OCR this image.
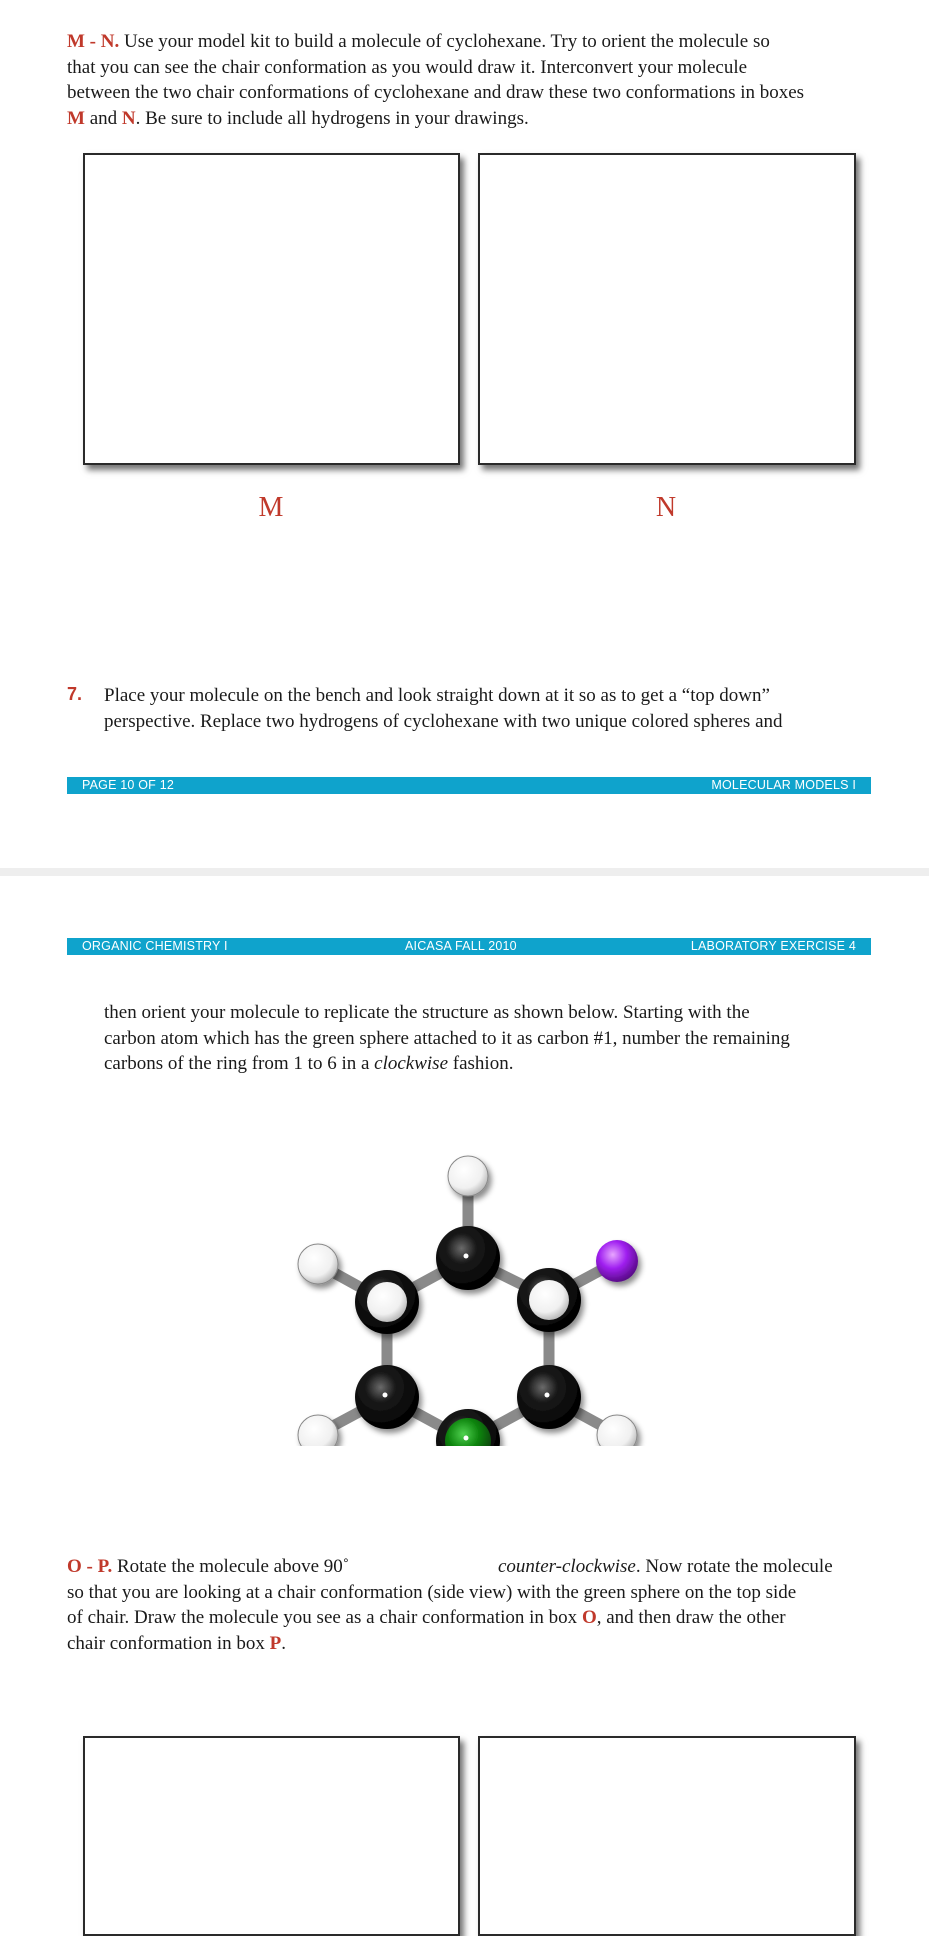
M - N. Use your model kit to build a molecule of cyclohexane. Try to orient the molecule so
that you can see the chair conformation as you would draw it. Interconvert your molecule
between the two chair conformations of cyclohexane and draw these two conformations in boxes
M and N. Be sure to include all hydrogens in your drawings.
M	N
7. Place your molecule on the bench and look straight down at it so as to get a “top down”
perspective. Replace two hydrogens of cyclohexane with two unique colored spheres and
PAGE 10 OF 12	MOLECULAR MODELS I
ORGANIC CHEMISTRY I	AICASA FALL 2010	LABORATORY EXERCISE 4
then orient your molecule to replicate the structure as shown below. Starting with the
carbon atom which has the green sphere attached to it as carbon #1, number the remaining
carbons of the ring from 1 to 6 in a clockwise fashion.
O - P. Rotate the molecule above 90˚	counter-clockwise. Now rotate the molecule
so that you are looking at a chair conformation (side view) with the green sphere on the top side
of chair. Draw the molecule you see as a chair conformation in box O, and then draw the other
chair conformation in box P.
